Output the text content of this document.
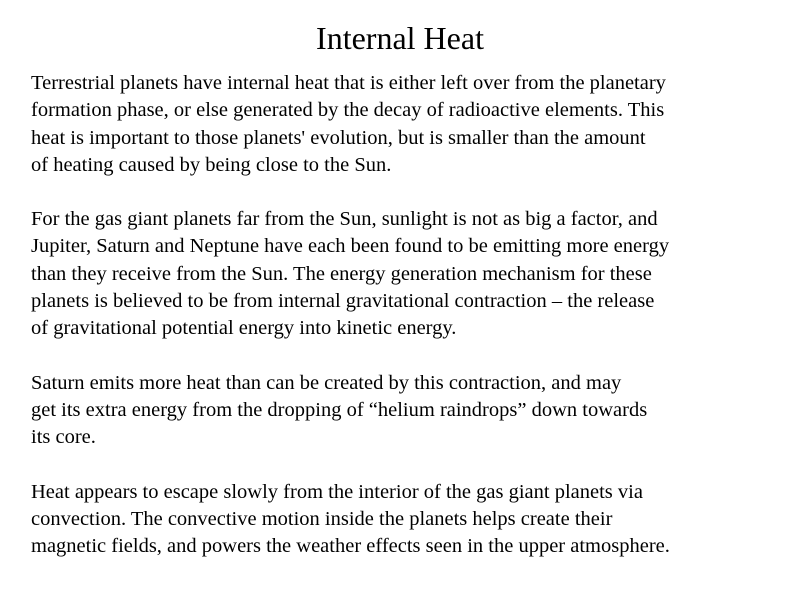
Internal Heat

Terrestrial planets have internal heat that is either left over from the planetary
formation phase, or else generated by the decay of radioactive elements. This
heat is important to those planets' evolution, but is smaller than the amount
of heating caused by being close to the Sun.

For the gas giant planets far from the Sun, sunlight is not as big a factor, and
Jupiter, Saturn and Neptune have each been found to be emitting more energy
than they receive from the Sun. The energy generation mechanism for these
planets is believed to be from internal gravitational contraction – the release
of gravitational potential energy into kinetic energy.

Saturn emits more heat than can be created by this contraction, and may
get its extra energy from the dropping of “helium raindrops” down towards
its core.

Heat appears to escape slowly from the interior of the gas giant planets via
convection. The convective motion inside the planets helps create their
magnetic fields, and powers the weather effects seen in the upper atmosphere.
